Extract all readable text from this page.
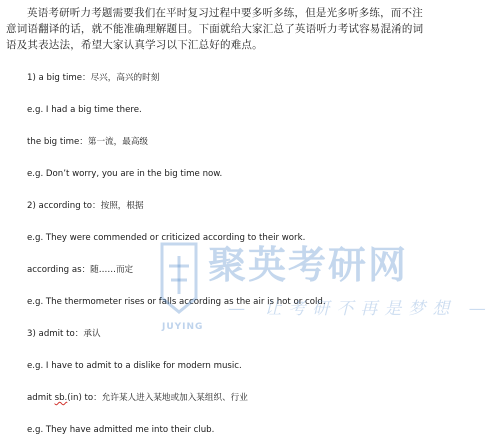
英语考研听力考题需要我们在平时复习过程中要多听多练，但是光多听多练，而不注意词语翻译的话，就不能准确理解题目。下面就给大家汇总了英语听力考试容易混淆的词语及其表达法，希望大家认真学习以下汇总好的难点。

1) a big time：尽兴，高兴的时刻

e.g. I had a big time there.

the big time：第一流，最高级

e.g. Don’t worry, you are in the big time now.

2) according to：按照，根据

e.g. They were commended or criticized according to their work.

according as：随……而定

e.g. The thermometer rises or falls according as the air is hot or cold.

3) admit to：承认

e.g. I have to admit to a dislike for modern music.

admit sb.(in) to：允许某人进入某地或加入某组织、行业

e.g. They have admitted me into their club.

聚英考研网
— 让考研不再是梦想 —
JUYING
